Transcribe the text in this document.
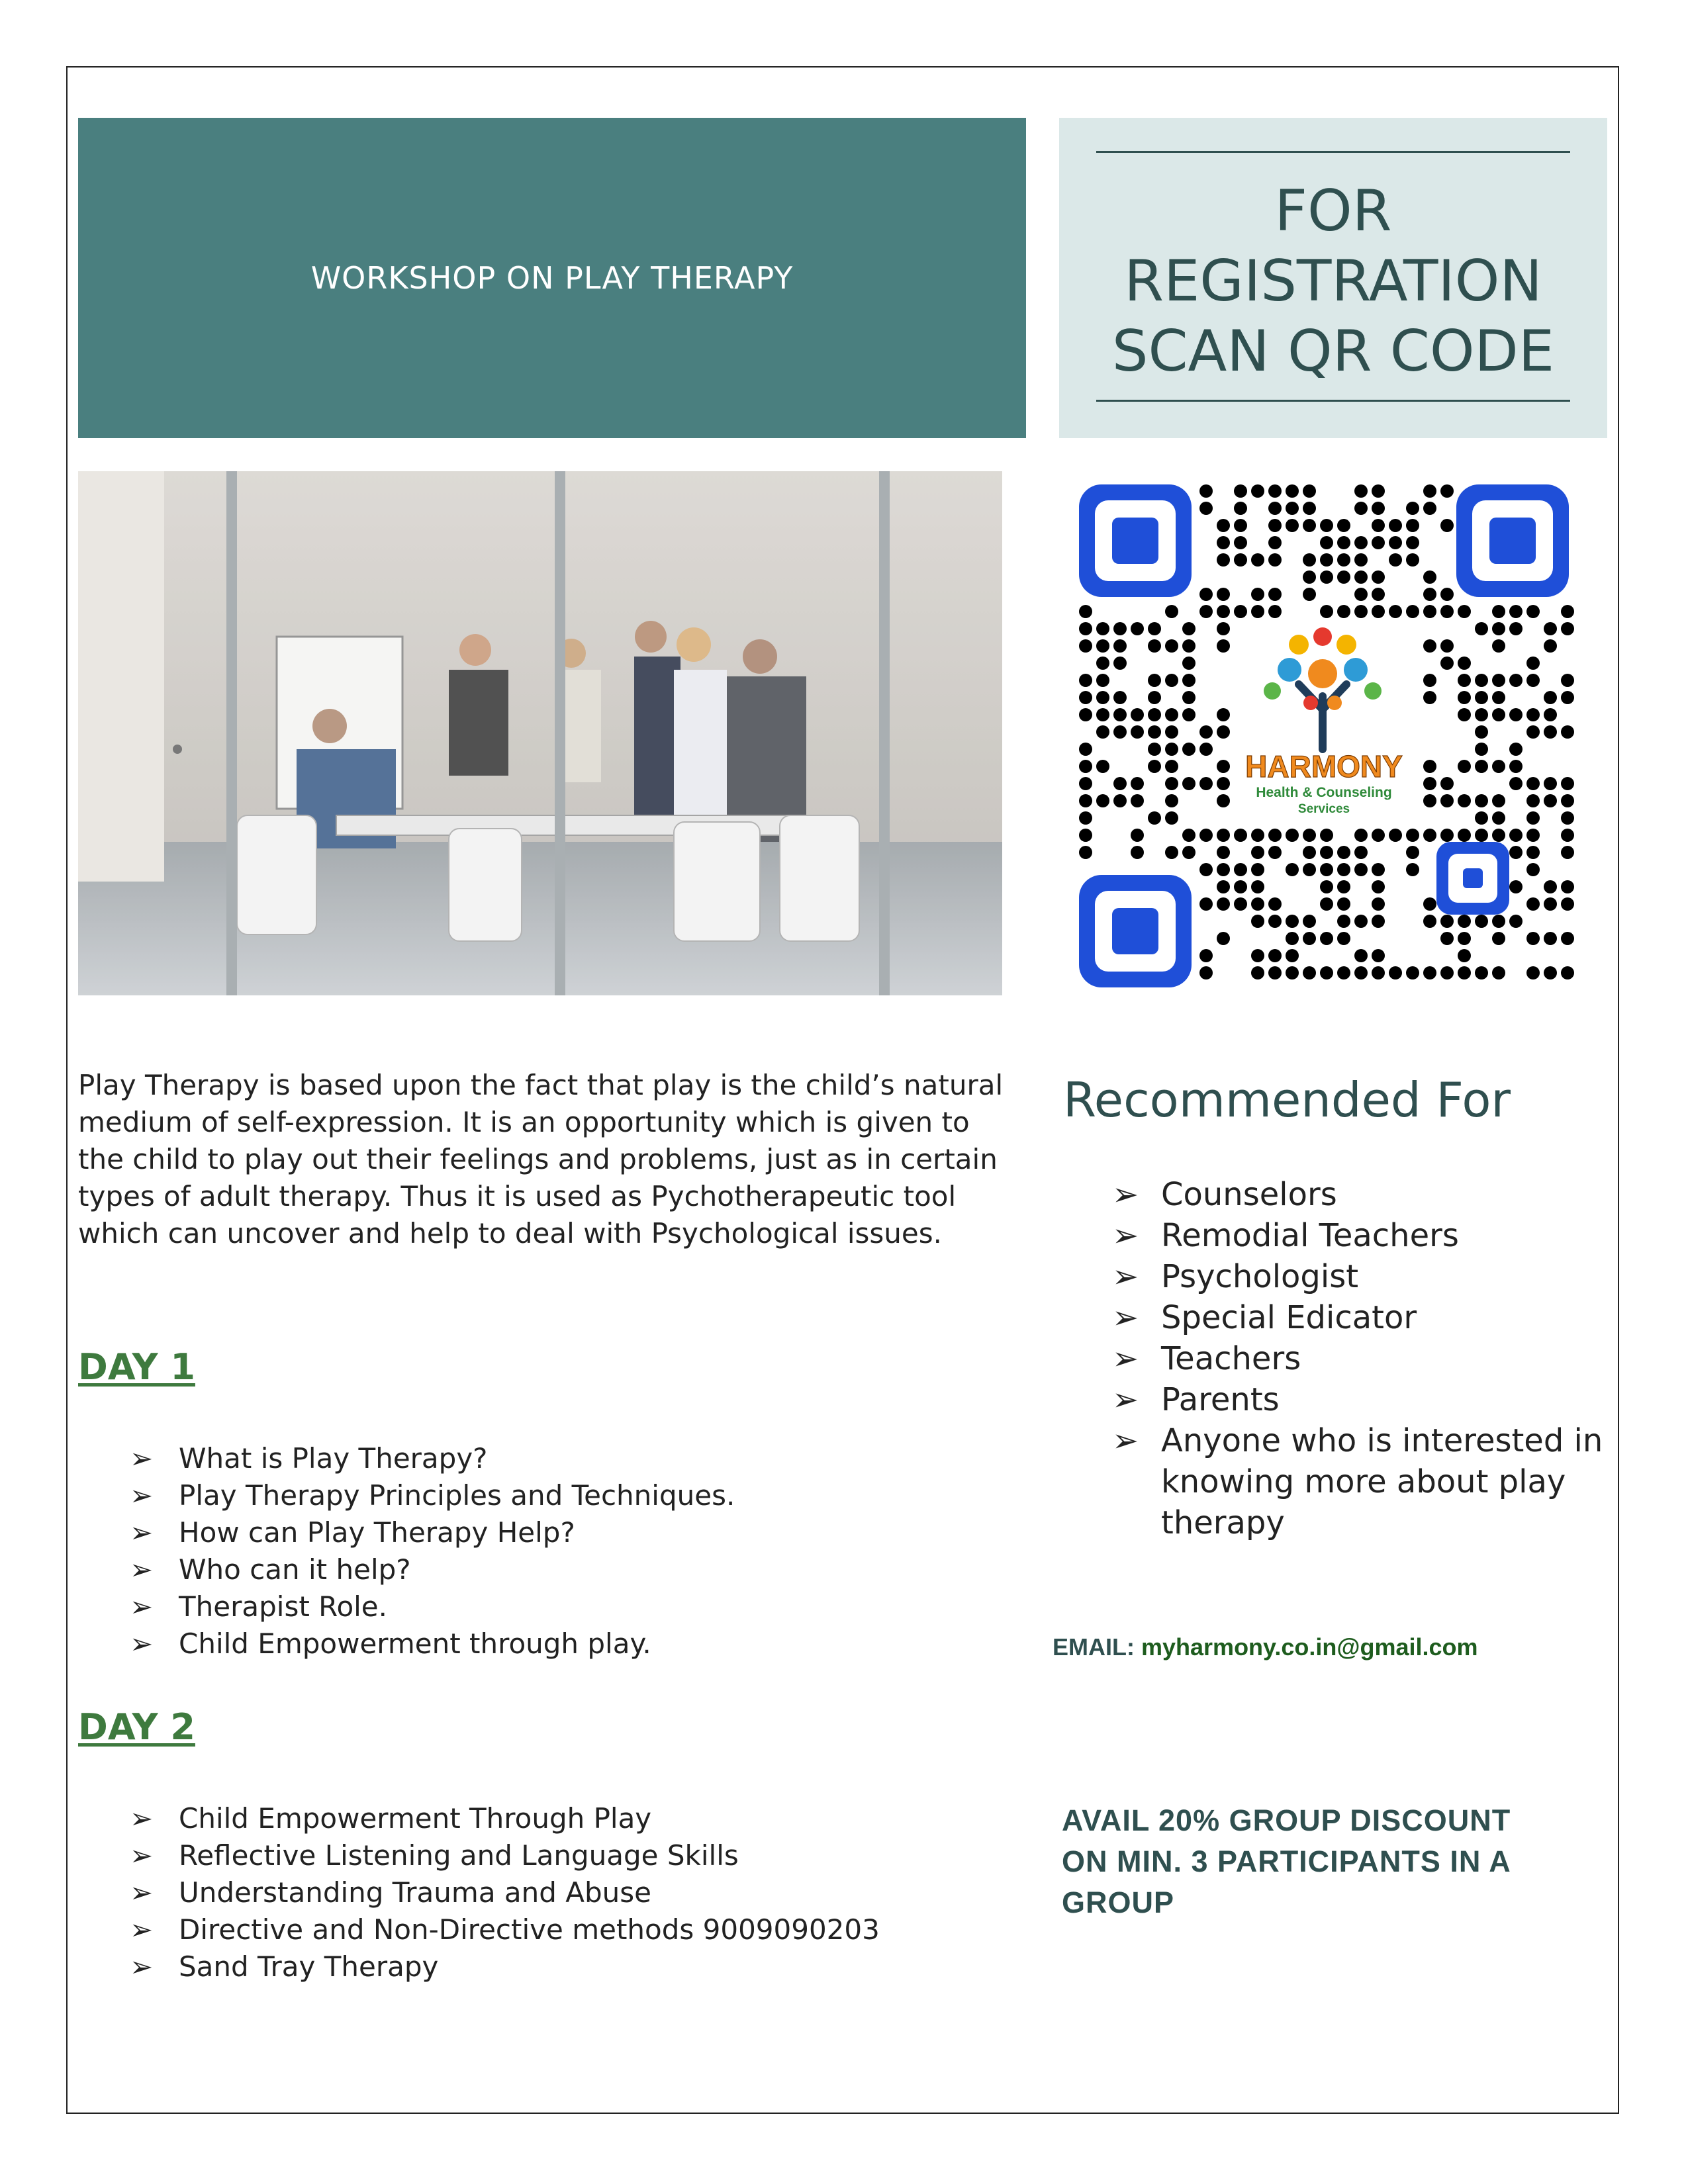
WORKSHOP ON PLAY THERAPY
FOR
REGISTRATION
SCAN QR CODE
HARMONY
Health & Counseling
Services
Play Therapy is based upon the fact that play is the child’s natural medium of self-expression. It is an opportunity which is given to the child to play out their feelings and problems, just as in certain types of adult therapy. Thus it is used as Pychotherapeutic tool which can uncover and help to deal with Psychological issues.
DAY 1
➢ What is Play Therapy?
➢ Play Therapy Principles and Techniques.
➢ How can Play Therapy Help?
➢ Who can it help?
➢ Therapist Role.
➢ Child Empowerment through play.
DAY 2
➢ Child Empowerment Through Play
➢ Reflective Listening and Language Skills
➢ Understanding Trauma and Abuse
➢ Directive and Non-Directive methods 9009090203
➢ Sand Tray Therapy
Recommended For
➢ Counselors
➢ Remodial Teachers
➢ Psychologist
➢ Special Edicator
➢ Teachers
➢ Parents
➢ Anyone who is interested in knowing more about play therapy
EMAIL: myharmony.co.in@gmail.com
AVAIL 20% GROUP DISCOUNT ON MIN. 3 PARTICIPANTS IN A GROUP
